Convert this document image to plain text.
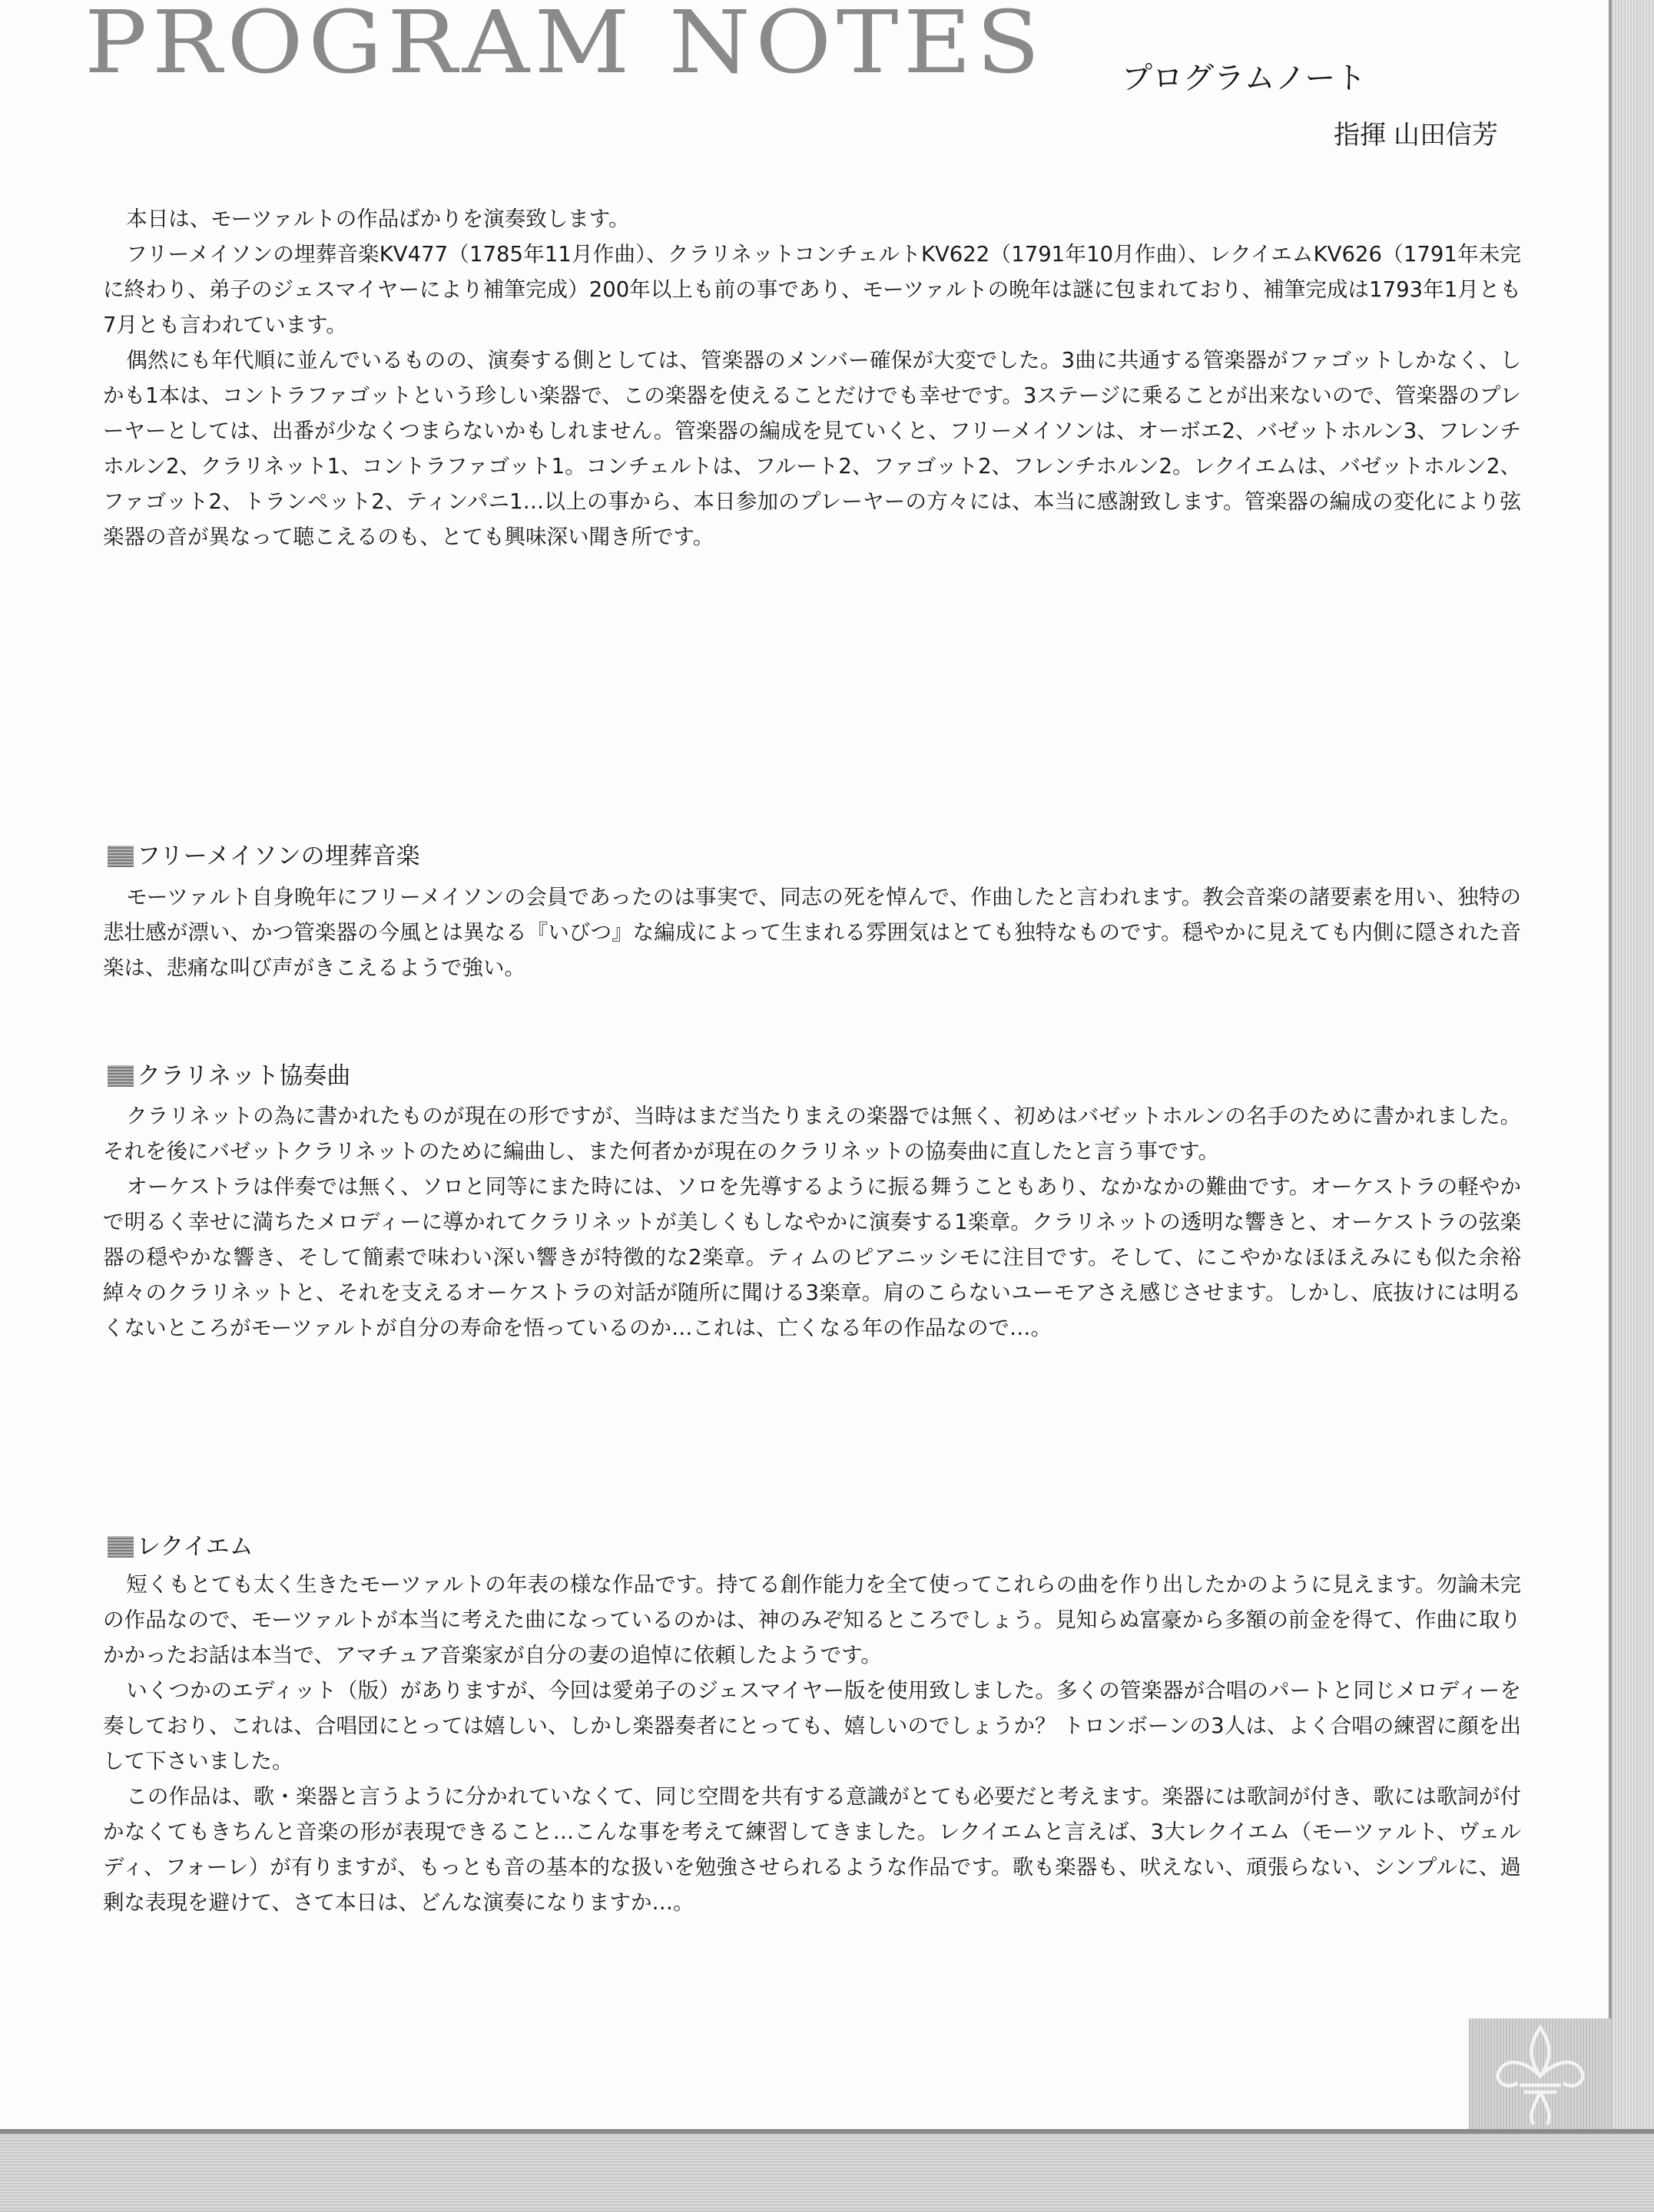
PROGRAM NOTES プログラムノート
指揮 山田信芳

本日は、モーツァルトの作品ばかりを演奏致します。

フリーメイソンの埋葬音楽KV477（1785年11月作曲）、クラリネットコンチェルトKV622（1791年10月作曲）、レクイエムKV626（1791年未完に終わり、弟子のジェスマイヤーにより補筆完成）200年以上も前の事であり、モーツァルトの晩年は謎に包まれており、補筆完成は1793年1月とも7月とも言われています。

偶然にも年代順に並んでいるものの、演奏する側としては、管楽器のメンバー確保が大変でした。3曲に共通する管楽器がファゴットしかなく、しかも1本は、コントラファゴットという珍しい楽器で、この楽器を使えることだけでも幸せです。3ステージに乗ることが出来ないので、管楽器のプレーヤーとしては、出番が少なくつまらないかもしれません。管楽器の編成を見ていくと、フリーメイソンは、オーボエ2、バゼットホルン3、フレンチホルン2、クラリネット1、コントラファゴット1。コンチェルトは、フルート2、ファゴット2、フレンチホルン2。レクイエムは、バゼットホルン2、ファゴット2、トランペット2、ティンパニ1…以上の事から、本日参加のプレーヤーの方々には、本当に感謝致します。管楽器の編成の変化により弦楽器の音が異なって聴こえるのも、とても興味深い聞き所です。

フリーメイソンの埋葬音楽

モーツァルト自身晩年にフリーメイソンの会員であったのは事実で、同志の死を悼んで、作曲したと言われます。教会音楽の諸要素を用い、独特の悲壮感が漂い、かつ管楽器の今風とは異なる『いびつ』な編成によって生まれる雰囲気はとても独特なものです。穏やかに見えても内側に隠された音楽は、悲痛な叫び声がきこえるようで強い。

クラリネット協奏曲

クラリネットの為に書かれたものが現在の形ですが、当時はまだ当たりまえの楽器では無く、初めはバゼットホルンの名手のために書かれました。それを後にバゼットクラリネットのために編曲し、また何者かが現在のクラリネットの協奏曲に直したと言う事です。

オーケストラは伴奏では無く、ソロと同等にまた時には、ソロを先導するように振る舞うこともあり、なかなかの難曲です。オーケストラの軽やかで明るく幸せに満ちたメロディーに導かれてクラリネットが美しくもしなやかに演奏する1楽章。クラリネットの透明な響きと、オーケストラの弦楽器の穏やかな響き、そして簡素で味わい深い響きが特徴的な2楽章。ティムのピアニッシモに注目です。そして、にこやかなほほえみにも似た余裕綽々のクラリネットと、それを支えるオーケストラの対話が随所に聞ける3楽章。肩のこらないユーモアさえ感じさせます。しかし、底抜けには明るくないところがモーツァルトが自分の寿命を悟っているのか…これは、亡くなる年の作品なので…。

レクイエム

短くもとても太く生きたモーツァルトの年表の様な作品です。持てる創作能力を全て使ってこれらの曲を作り出したかのように見えます。勿論未完の作品なので、モーツァルトが本当に考えた曲になっているのかは、神のみぞ知るところでしょう。見知らぬ富豪から多額の前金を得て、作曲に取りかかったお話は本当で、アマチュア音楽家が自分の妻の追悼に依頼したようです。

いくつかのエディット（版）がありますが、今回は愛弟子のジェスマイヤー版を使用致しました。多くの管楽器が合唱のパートと同じメロディーを奏しており、これは、合唱団にとっては嬉しい、しかし楽器奏者にとっても、嬉しいのでしょうか？ トロンボーンの3人は、よく合唱の練習に顔を出して下さいました。

この作品は、歌・楽器と言うように分かれていなくて、同じ空間を共有する意識がとても必要だと考えます。楽器には歌詞が付き、歌には歌詞が付かなくてもきちんと音楽の形が表現できること…こんな事を考えて練習してきました。レクイエムと言えば、3大レクイエム（モーツァルト、ヴェルディ、フォーレ）が有りますが、もっとも音の基本的な扱いを勉強させられるような作品です。歌も楽器も、吠えない、頑張らない、シンプルに、過剰な表現を避けて、さて本日は、どんな演奏になりますか…。
